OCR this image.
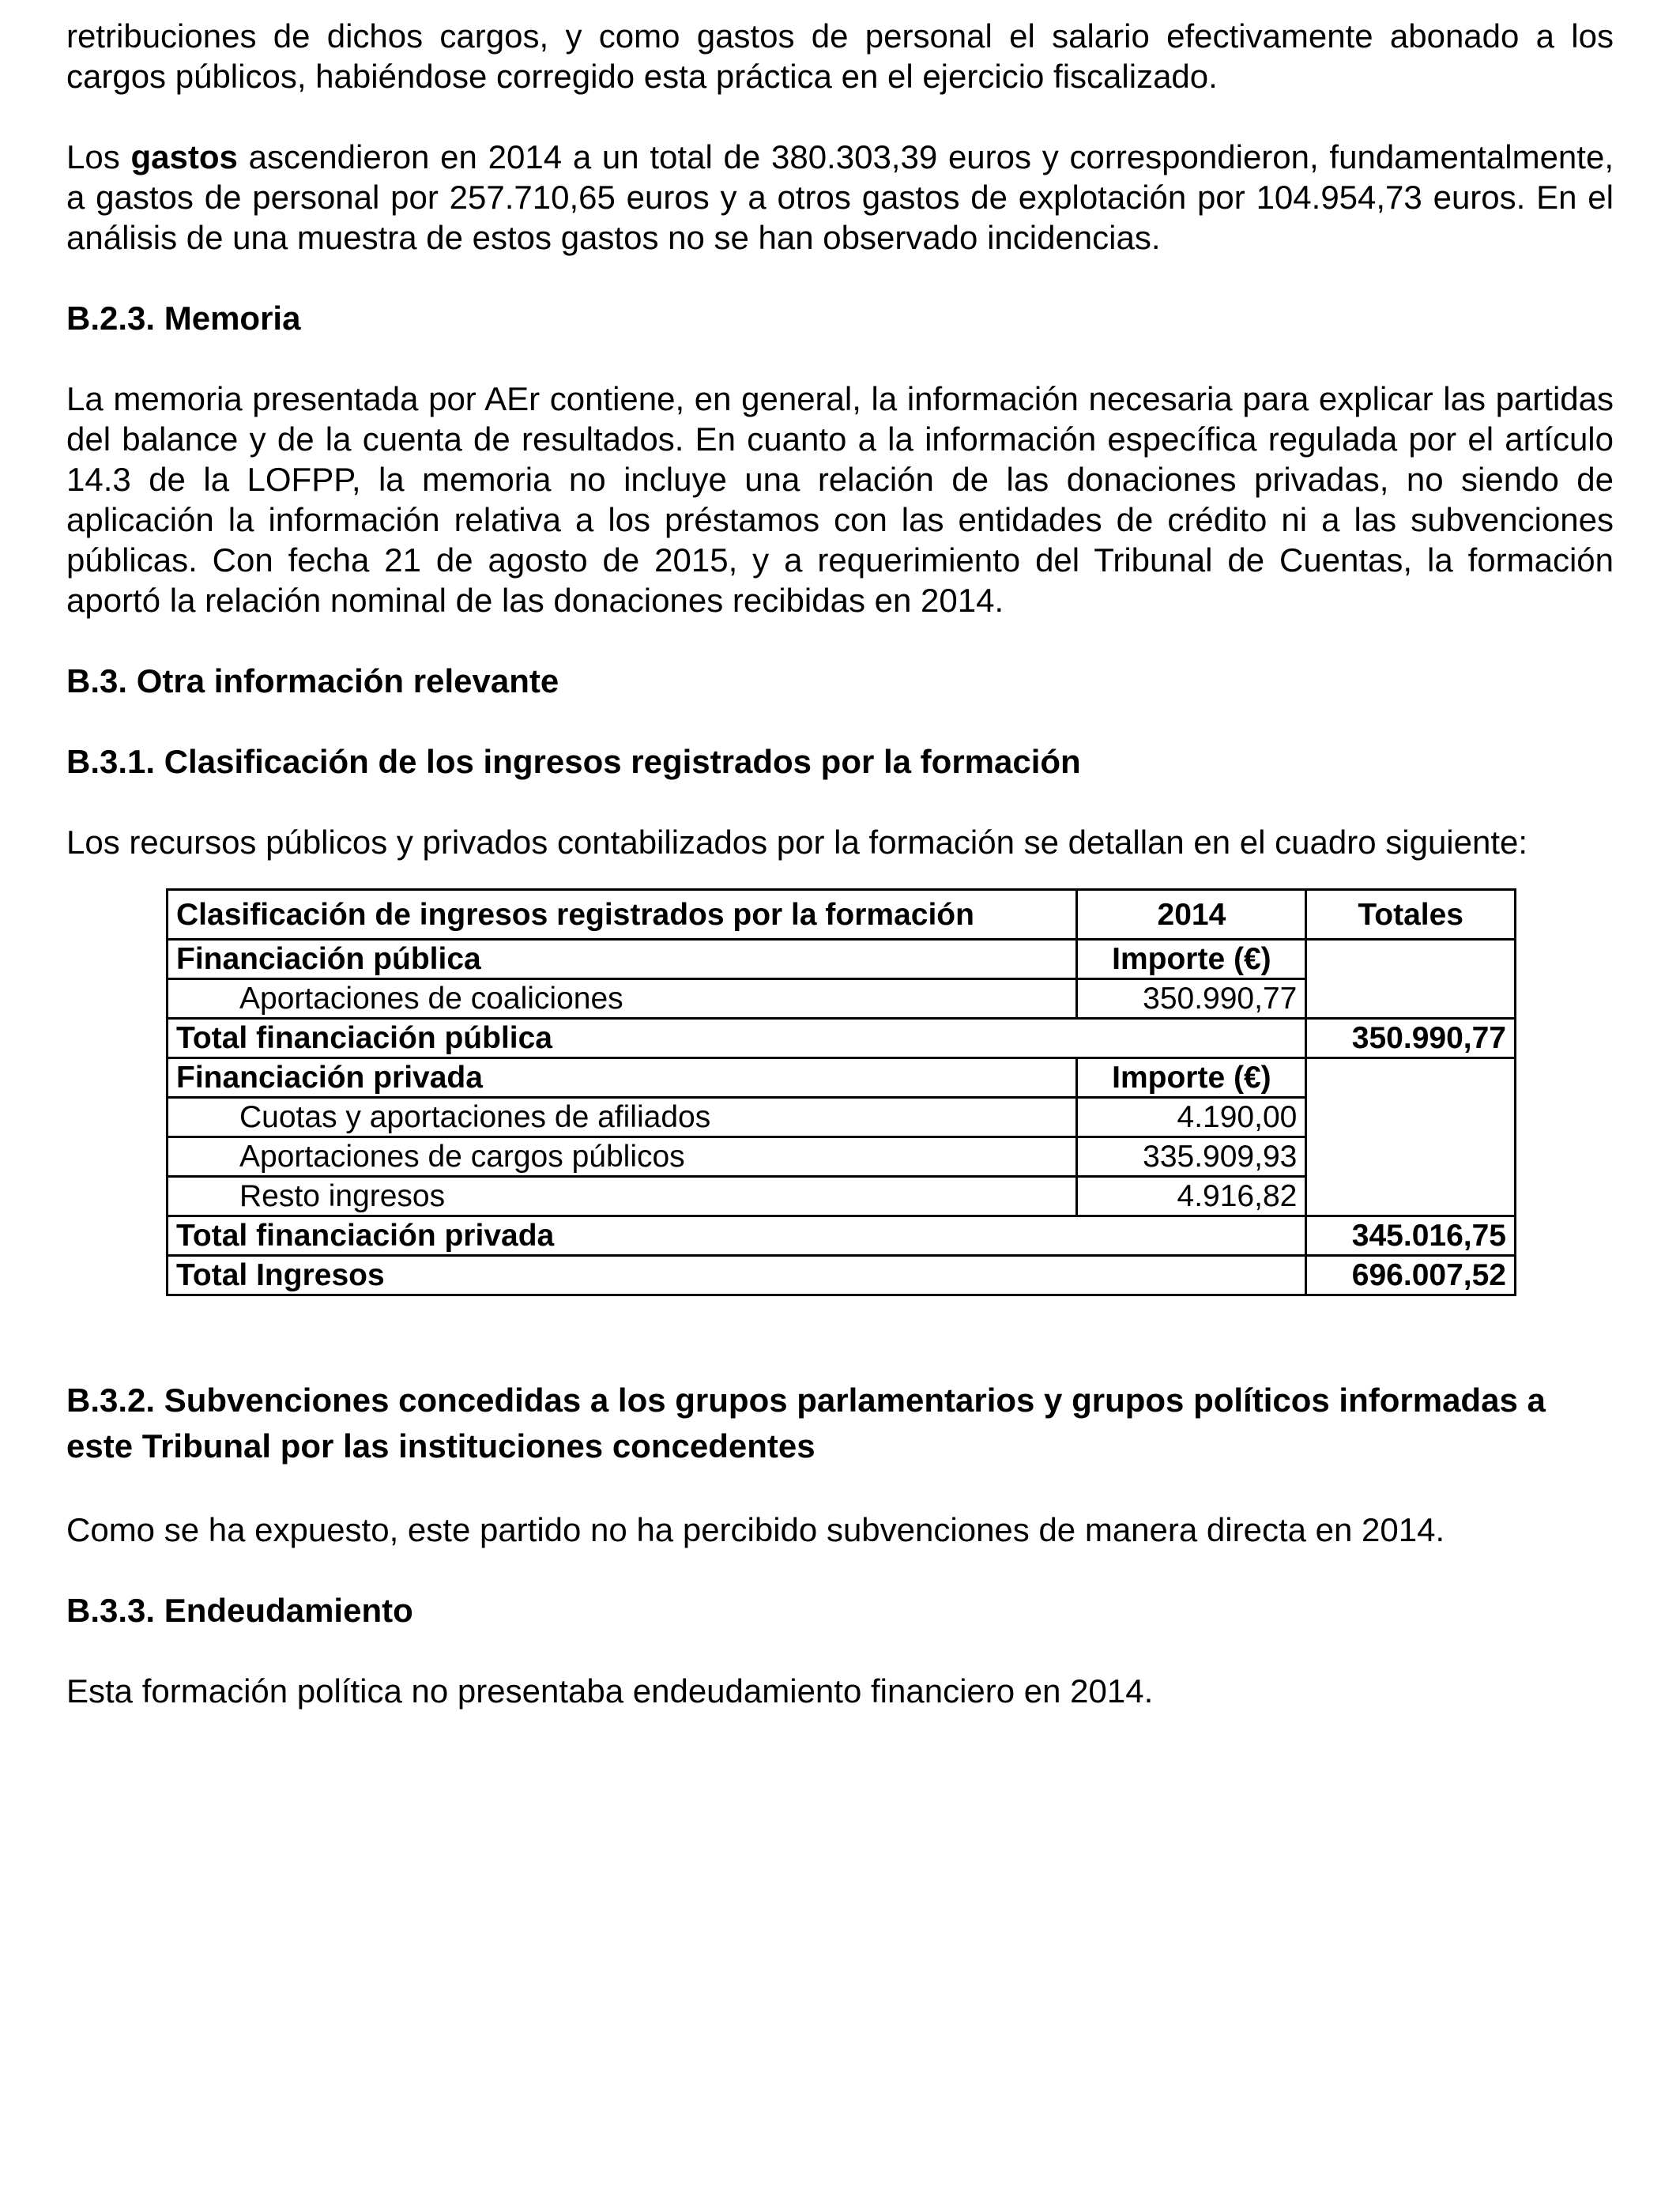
retribuciones de dichos cargos, y como gastos de personal el salario efectivamente abonado a los cargos públicos, habiéndose corregido esta práctica en el ejercicio fiscalizado.

Los gastos ascendieron en 2014 a un total de 380.303,39 euros y correspondieron, fundamentalmente, a gastos de personal por 257.710,65 euros y a otros gastos de explotación por 104.954,73 euros. En el análisis de una muestra de estos gastos no se han observado incidencias.

B.2.3. Memoria

La memoria presentada por AEr contiene, en general, la información necesaria para explicar las partidas del balance y de la cuenta de resultados. En cuanto a la información específica regulada por el artículo 14.3 de la LOFPP, la memoria no incluye una relación de las donaciones privadas, no siendo de aplicación la información relativa a los préstamos con las entidades de crédito ni a las subvenciones públicas. Con fecha 21 de agosto de 2015, y a requerimiento del Tribunal de Cuentas, la formación aportó la relación nominal de las donaciones recibidas en 2014.

B.3. Otra información relevante
B.3.1. Clasificación de los ingresos registrados por la formación

Los recursos públicos y privados contabilizados por la formación se detallan en el cuadro siguiente:

Clasificación de ingresos registrados por la formación	2014	Totales
Financiación pública	Importe (€)	
Aportaciones de coaliciones	350.990,77	
Total financiación pública		350.990,77
Financiación privada	Importe (€)	
Cuotas y aportaciones de afiliados	4.190,00	
Aportaciones de cargos públicos	335.909,93	
Resto ingresos	4.916,82	
Total financiación privada		345.016,75
Total Ingresos		696.007,52
B.3.2. Subvenciones concedidas a los grupos parlamentarios y grupos políticos informadas a este Tribunal por las instituciones concedentes

Como se ha expuesto, este partido no ha percibido subvenciones de manera directa en 2014.

B.3.3. Endeudamiento

Esta formación política no presentaba endeudamiento financiero en 2014.
